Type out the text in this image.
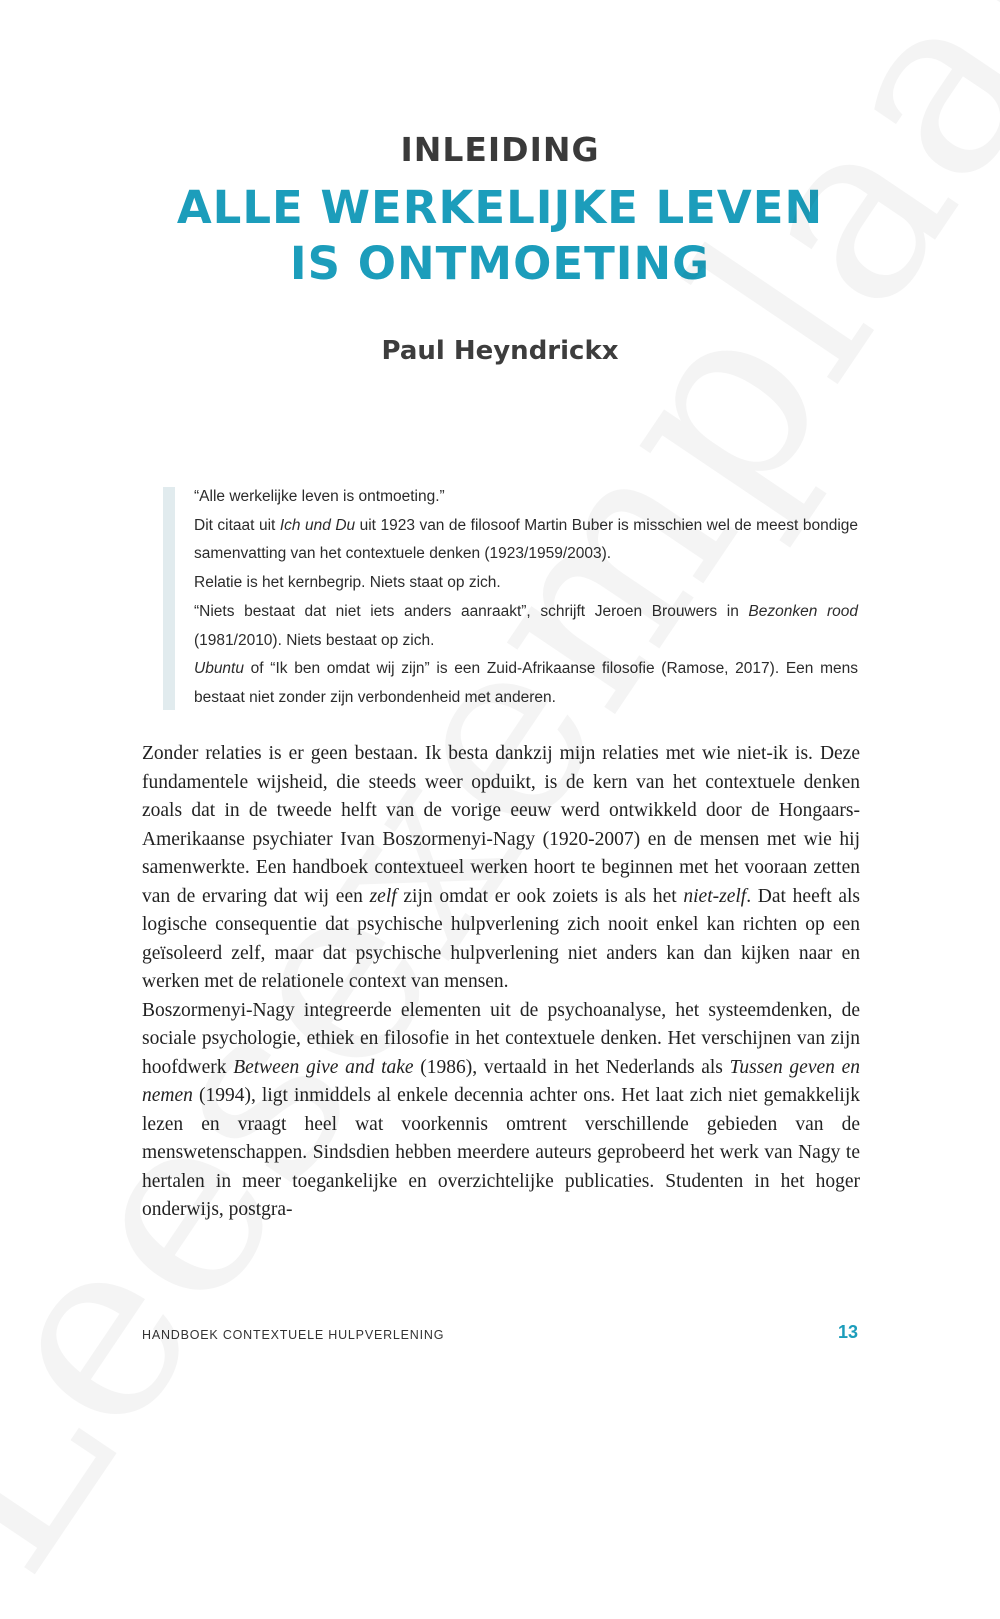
INLEIDING
ALLE WERKELIJKE LEVEN
IS ONTMOETING
Paul Heyndrickx

“Alle werkelijke leven is ontmoeting.”

Dit citaat uit Ich und Du uit 1923 van de filosoof Martin Buber is misschien wel de meest bondige samenvatting van het contextuele denken (1923/1959/2003).

Relatie is het kernbegrip. Niets staat op zich.

“Niets bestaat dat niet iets anders aanraakt”, schrijft Jeroen Brouwers in Bezonken rood (1981/2010). Niets bestaat op zich.

Ubuntu of “Ik ben omdat wij zijn” is een Zuid-Afrikaanse filosofie (Ramose, 2017). Een mens bestaat niet zonder zijn verbondenheid met anderen.

Zonder relaties is er geen bestaan. Ik besta dankzij mijn relaties met wie niet-ik is. Deze fundamentele wijsheid, die steeds weer opduikt, is de kern van het contextuele denken zoals dat in de tweede helft van de vorige eeuw werd ontwikkeld door de Hongaars-Amerikaanse psychiater Ivan Boszormenyi-Nagy (1920-2007) en de mensen met wie hij samenwerkte. Een handboek contextueel werken hoort te beginnen met het vooraan zetten van de ervaring dat wij een zelf zijn omdat er ook zoiets is als het niet-zelf. Dat heeft als logische consequentie dat psychische hulpverlening zich nooit enkel kan richten op een geïsoleerd zelf, maar dat psychische hulpverlening niet anders kan dan kijken naar en werken met de relationele context van mensen.

Boszormenyi-Nagy integreerde elementen uit de psychoanalyse, het systeemdenken, de sociale psychologie, ethiek en filosofie in het contextuele denken. Het verschijnen van zijn hoofdwerk Between give and take (1986), vertaald in het Nederlands als Tussen geven en nemen (1994), ligt inmiddels al enkele decennia achter ons. Het laat zich niet gemakkelijk lezen en vraagt heel wat voorkennis omtrent verschillende gebieden van de menswetenschappen. Sindsdien hebben meerdere auteurs geprobeerd het werk van Nagy te hertalen in meer toegankelijke en overzichtelijke publicaties. Studenten in het hoger onderwijs, postgra-

HANDBOEK CONTEXTUELE HULPVERLENING	13
